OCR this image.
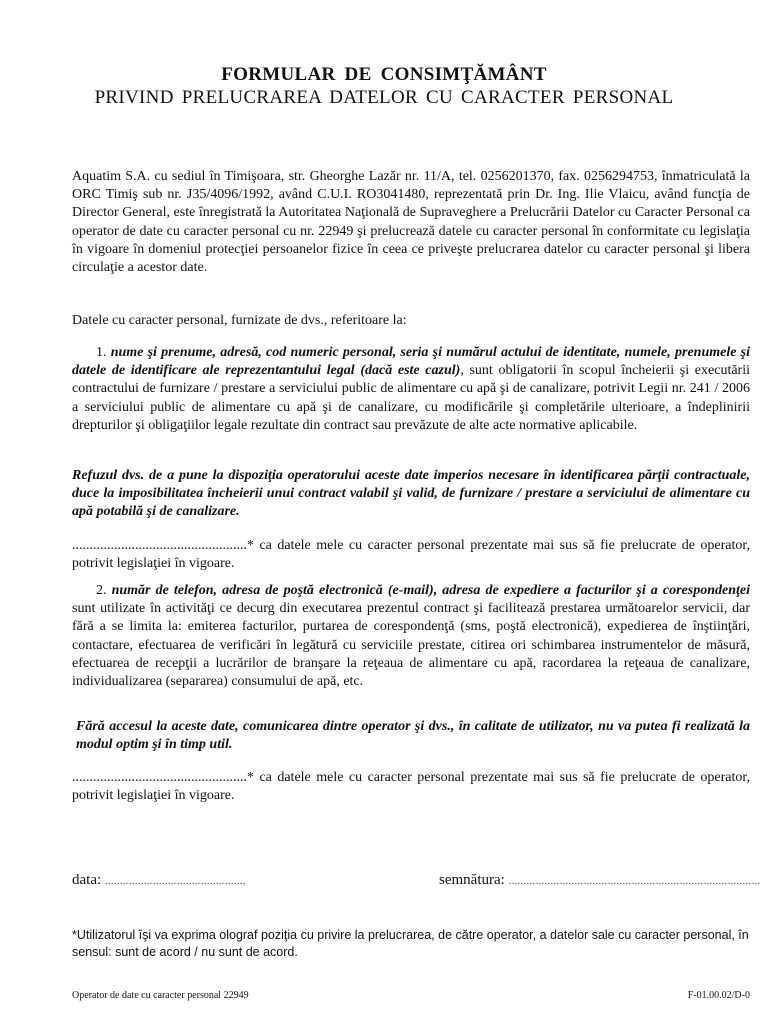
FORMULAR DE CONSIMŢĂMÂNT
PRIVIND PRELUCRAREA DATELOR CU CARACTER PERSONAL
Aquatim S.A. cu sediul în Timişoara, str. Gheorghe Lazăr nr. 11/A, tel. 0256201370, fax. 0256294753, înmatriculată la ORC Timiş sub nr. J35/4096/1992, având C.U.I. RO3041480, reprezentată prin Dr. Ing. Ilie Vlaicu, având funcţia de Director General, este înregistrată la Autoritatea Naţională de Supraveghere a Prelucrării Datelor cu Caracter Personal ca operator de date cu caracter personal cu nr. 22949 şi prelucrează datele cu caracter personal în conformitate cu legislaţia în vigoare în domeniul protecţiei persoanelor fizice în ceea ce priveşte prelucrarea datelor cu caracter personal şi libera circulaţie a acestor date.
Datele cu caracter personal, furnizate de dvs., referitoare la:
1. nume şi prenume, adresă, cod numeric personal, seria şi numărul actului de identitate, numele, prenumele şi datele de identificare ale reprezentantului legal (dacă este cazul), sunt obligatorii în scopul încheierii şi executării contractului de furnizare / prestare a serviciului public de alimentare cu apă şi de canalizare, potrivit Legii nr. 241 / 2006 a serviciului public de alimentare cu apă şi de canalizare, cu modificările şi completările ulterioare, a îndeplinirii drepturilor şi obligaţiilor legale rezultate din contract sau prevăzute de alte acte normative aplicabile.
Refuzul dvs. de a pune la dispoziţia operatorului aceste date imperios necesare în identificarea părţii contractuale, duce la imposibilitatea încheierii unui contract valabil şi valid, de furnizare / prestare a serviciului de alimentare cu apă potabilă şi de canalizare.
..................................................* ca datele mele cu caracter personal prezentate mai sus să fie prelucrate de operator, potrivit legislaţiei în vigoare.
2. număr de telefon, adresa de poştă electronică (e-mail), adresa de expediere a facturilor şi a corespondenţei sunt utilizate în activităţi ce decurg din executarea prezentul contract şi facilitează prestarea următoarelor servicii, dar fără a se limita la: emiterea facturilor, purtarea de corespondenţă (sms, poştă electronică), expedierea de înştiinţări, contactare, efectuarea de verificări în legătură cu serviciile prestate, citirea ori schimbarea instrumentelor de măsură, efectuarea de recepţii a lucrărilor de branşare la reţeaua de alimentare cu apă, racordarea la reţeaua de canalizare, individualizarea (separarea) consumului de apă, etc.
Fără accesul la aceste date, comunicarea dintre operator şi dvs., în calitate de utilizator, nu va putea fi realizată la modul optim şi în timp util.
..................................................* ca datele mele cu caracter personal prezentate mai sus să fie prelucrate de operator, potrivit legislaţiei în vigoare.
data: ...............................................	semnătura: ....................................................................................
*Utilizatorul îşi va exprima olograf poziţia cu privire la prelucrarea, de către operator, a datelor sale cu caracter personal, în sensul: sunt de acord / nu sunt de acord.
Operator de date cu caracter personal 22949	F-01.00.02/D-0
